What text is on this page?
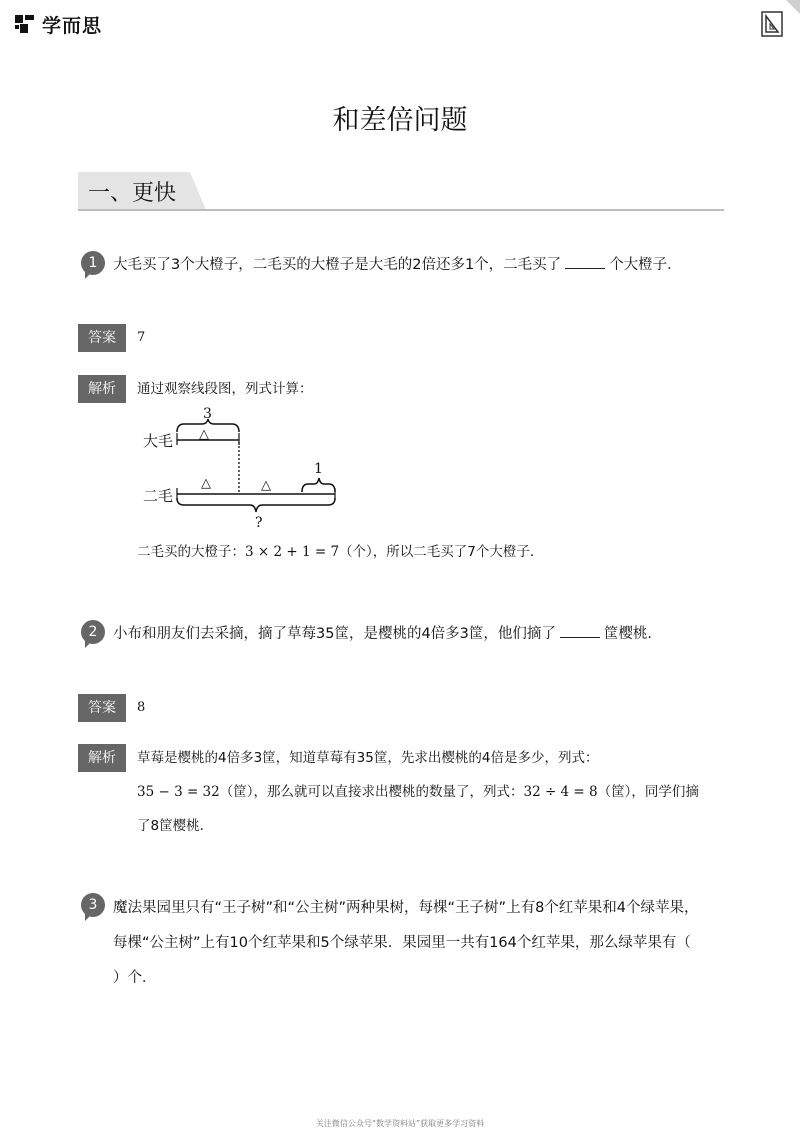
学而思
和差倍问题
一、更快
1	大毛买了3个大橙子，二毛买的大橙子是大毛的2倍还多1个，二毛买了	个大橙子．
答案	7
解析	通过观察线段图，列式计算：
大毛
二毛
3
1
?
△
△	△
二毛买的大橙子：3 × 2 + 1 = 7（个），所以二毛买了7个大橙子．
2	小布和朋友们去采摘，摘了草莓35筐，是樱桃的4倍多3筐，他们摘了	筐樱桃．
答案	8
解析	草莓是樱桃的4倍多3筐，知道草莓有35筐，先求出樱桃的4倍是多少，列式：
35 − 3 = 32（筐），那么就可以直接求出樱桃的数量了，列式：32 ÷ 4 = 8（筐），同学们摘
了8筐樱桃．
3	魔法果园里只有“王子树”和“公主树”两种果树，每棵“王子树”上有8个红苹果和4个绿苹果，
每棵“公主树”上有10个红苹果和5个绿苹果．果园里一共有164个红苹果，那么绿苹果有（
）个．
关注微信公众号“数学资料站”获取更多学习资料
